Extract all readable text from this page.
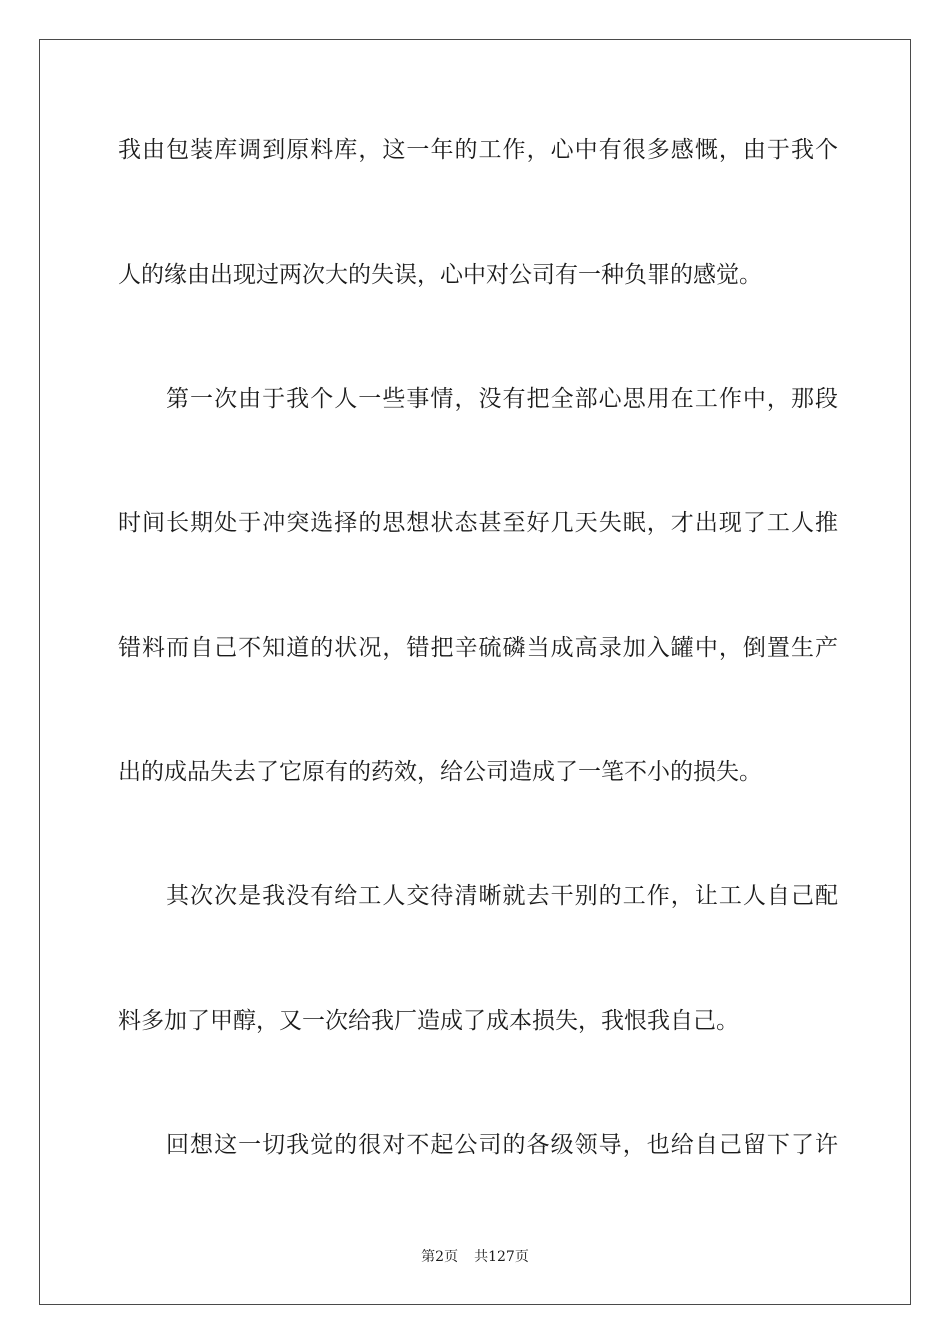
我由包装库调到原料库，这一年的工作，心中有很多感慨，由于我个
人的缘由出现过两次大的失误，心中对公司有一种负罪的感觉。
第一次由于我个人一些事情，没有把全部心思用在工作中，那段
时间长期处于冲突选择的思想状态甚至好几天失眠，才出现了工人推
错料而自己不知道的状况，错把辛硫磷当成高录加入罐中，倒置生产
出的成品失去了它原有的药效，给公司造成了一笔不小的损失。
其次次是我没有给工人交待清晰就去干别的工作，让工人自己配
料多加了甲醇，又一次给我厂造成了成本损失，我恨我自己。
回想这一切我觉的很对不起公司的各级领导，也给自己留下了许
第2页 共127页
